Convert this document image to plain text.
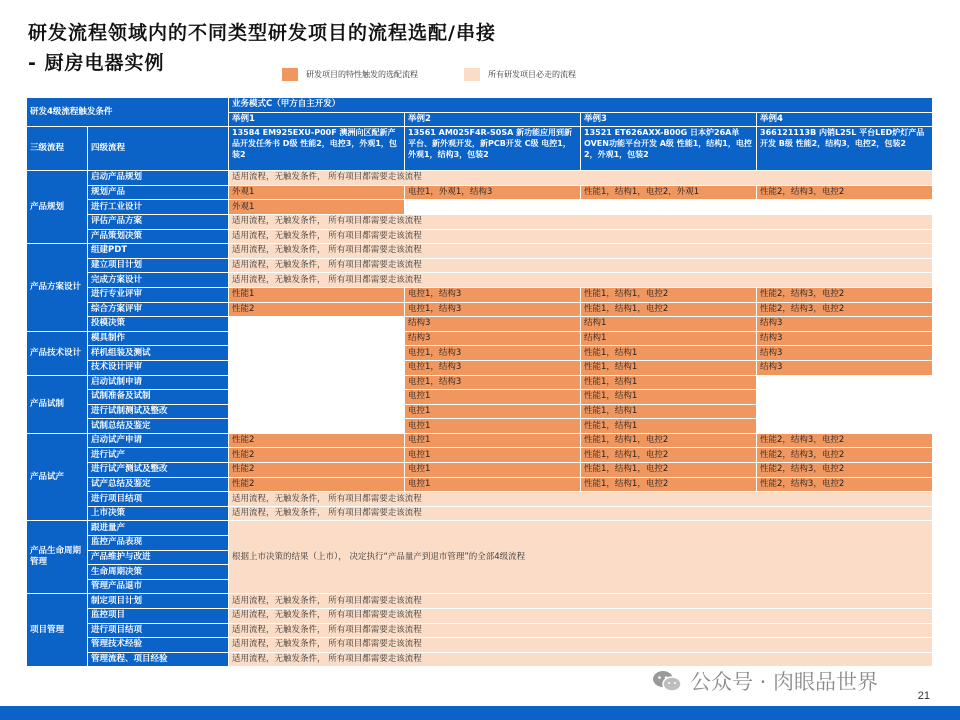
研发流程领域内的不同类型研发项目的流程选配/串接
- 厨房电器实例
研发项目的特性触发的选配流程	所有研发项目必走的流程
研发4级流程触发条件		业务模式C（甲方自主开发）			
		举例1	举例2	举例3	举例4
三级流程	四级流程	13584 EM925EXU-P00F 澳洲向区配新产品开发任务书 D级 性能2，电控3，外观1，包装2	13561 AM025F4R-S0SA 新功能应用到新平台、新外观开发，新PCB开发 C级 电控1，外观1，结构3，包装2	13521 ET626AXX-B00G 日本炉26A单OVEN功能平台开发 A级 性能1，结构1，电控2，外观1，包装2	366121113B 内销L25L 平台LED炉灯产品开发 B级 性能2，结构3，电控2，包装2
产品规划	启动产品规划	适用流程，无触发条件， 所有项目都需要走该流程			
	规划产品	外观1	电控1，外观1，结构3	性能1，结构1，电控2，外观1	性能2，结构3，电控2
	进行工业设计	外观1			
	评估产品方案	适用流程，无触发条件， 所有项目都需要走该流程			
	产品策划决策	适用流程，无触发条件， 所有项目都需要走该流程			
产品方案设计	组建PDT	适用流程，无触发条件， 所有项目都需要走该流程			
	建立项目计划	适用流程，无触发条件， 所有项目都需要走该流程			
	完成方案设计	适用流程，无触发条件， 所有项目都需要走该流程			
	进行专业评审	性能1	电控1，结构3	性能1，结构1，电控2	性能2，结构3，电控2
	综合方案评审	性能2	电控1，结构3	性能1，结构1，电控2	性能2，结构3，电控2
	投模决策		结构3	结构1	结构3
产品技术设计	模具制作		结构3	结构1	结构3
	样机组装及测试		电控1，结构3	性能1，结构1	结构3
	技术设计评审		电控1，结构3	性能1，结构1	结构3
产品试制	启动试制申请		电控1，结构3	性能1，结构1	
	试制准备及试制		电控1	性能1，结构1	
	进行试制测试及整改		电控1	性能1，结构1	
	试制总结及鉴定		电控1	性能1，结构1	
产品试产	启动试产申请	性能2	电控1	性能1，结构1，电控2	性能2，结构3，电控2
	进行试产	性能2	电控1	性能1，结构1，电控2	性能2，结构3，电控2
	进行试产测试及整改	性能2	电控1	性能1，结构1，电控2	性能2，结构3，电控2
	试产总结及鉴定	性能2	电控1	性能1，结构1，电控2	性能2，结构3，电控2
	进行项目结项	适用流程，无触发条件， 所有项目都需要走该流程			
	上市决策	适用流程，无触发条件， 所有项目都需要走该流程			
产品生命周期管理	跟进量产	根据上市决策的结果（上市）， 决定执行“产品量产到退市管理”的全部4级流程			
	监控产品表现				
	产品维护与改进				
	生命周期决策				
	管理产品退市				
项目管理	制定项目计划	适用流程，无触发条件， 所有项目都需要走该流程			
	监控项目	适用流程，无触发条件， 所有项目都需要走该流程			
	进行项目结项	适用流程，无触发条件， 所有项目都需要走该流程			
	管理技术经验	适用流程，无触发条件， 所有项目都需要走该流程			
	管理流程、项目经验	适用流程，无触发条件， 所有项目都需要走该流程			
公众号 · 肉眼品世界
21
